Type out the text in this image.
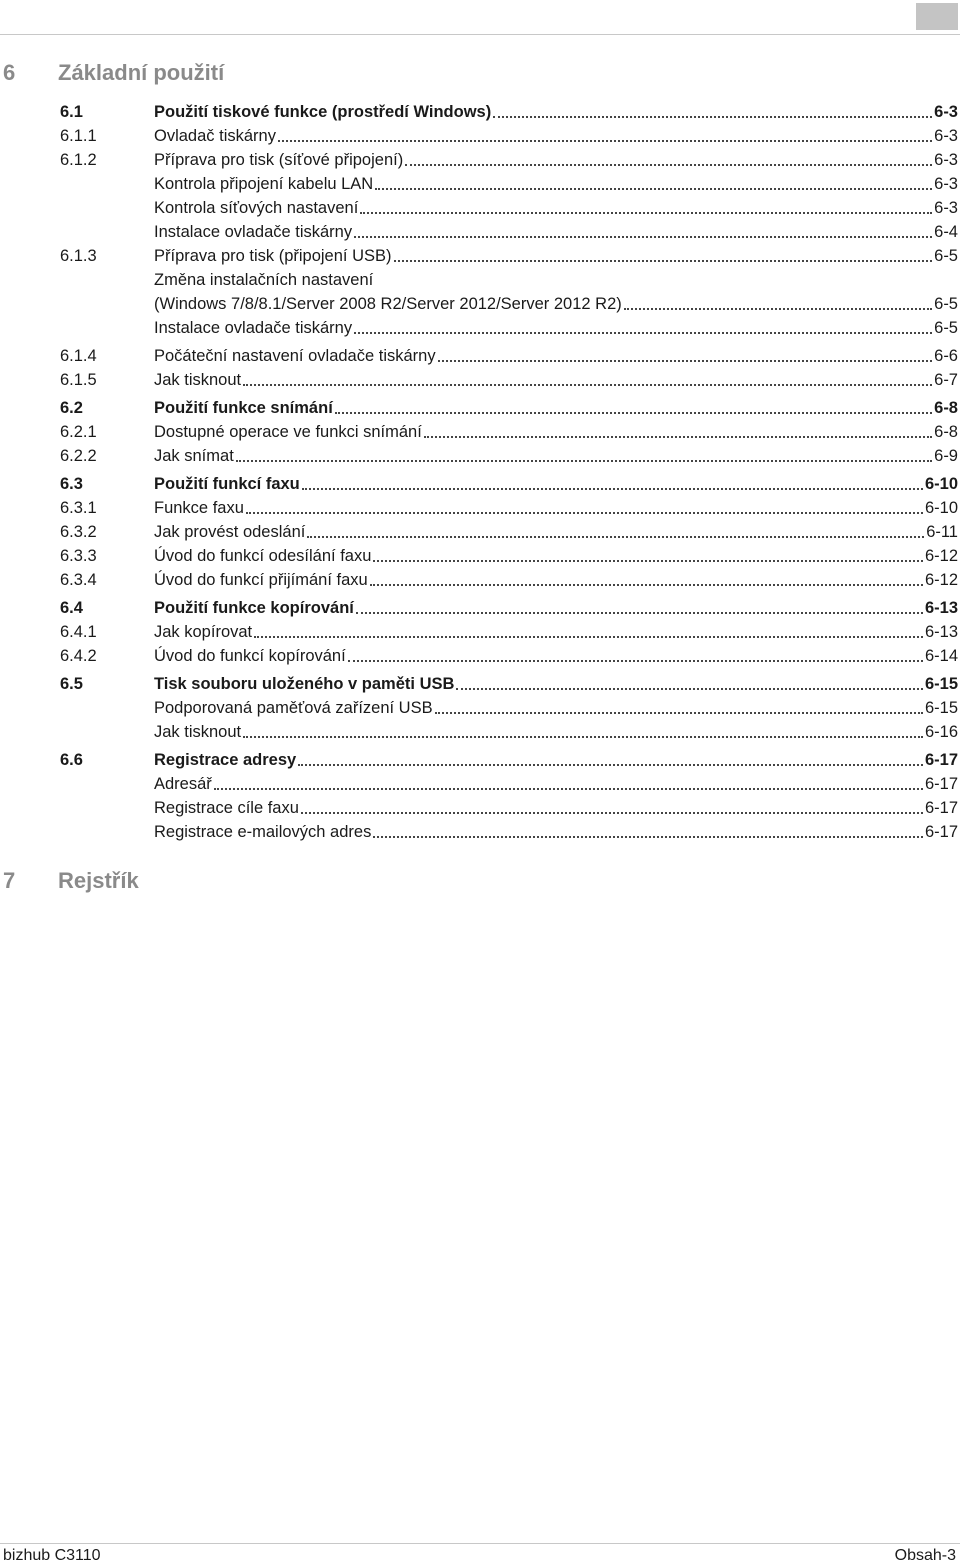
6	Základní použití
6.1	Použití tiskové funkce (prostředí Windows)	6-3
6.1.1	Ovladač tiskárny	6-3
6.1.2	Příprava pro tisk (síťové připojení)	6-3
Kontrola připojení kabelu LAN	6-3
Kontrola síťových nastavení	6-3
Instalace ovladače tiskárny	6-4
6.1.3	Příprava pro tisk (připojení USB)	6-5
Změna instalačních nastavení
(Windows 7/8/8.1/Server 2008 R2/Server 2012/Server 2012 R2)	6-5
Instalace ovladače tiskárny	6-5
6.1.4	Počáteční nastavení ovladače tiskárny	6-6
6.1.5	Jak tisknout	6-7
6.2	Použití funkce snímání	6-8
6.2.1	Dostupné operace ve funkci snímání	6-8
6.2.2	Jak snímat	6-9
6.3	Použití funkcí faxu	6-10
6.3.1	Funkce faxu	6-10
6.3.2	Jak provést odeslání	6-11
6.3.3	Úvod do funkcí odesílání faxu	6-12
6.3.4	Úvod do funkcí přijímání faxu	6-12
6.4	Použití funkce kopírování	6-13
6.4.1	Jak kopírovat	6-13
6.4.2	Úvod do funkcí kopírování	6-14
6.5	Tisk souboru uloženého v paměti USB	6-15
Podporovaná paměťová zařízení USB	6-15
Jak tisknout	6-16
6.6	Registrace adresy	6-17
Adresář	6-17
Registrace cíle faxu	6-17
Registrace e-mailových adres	6-17
7	Rejstřík
bizhub C3110	Obsah-3
